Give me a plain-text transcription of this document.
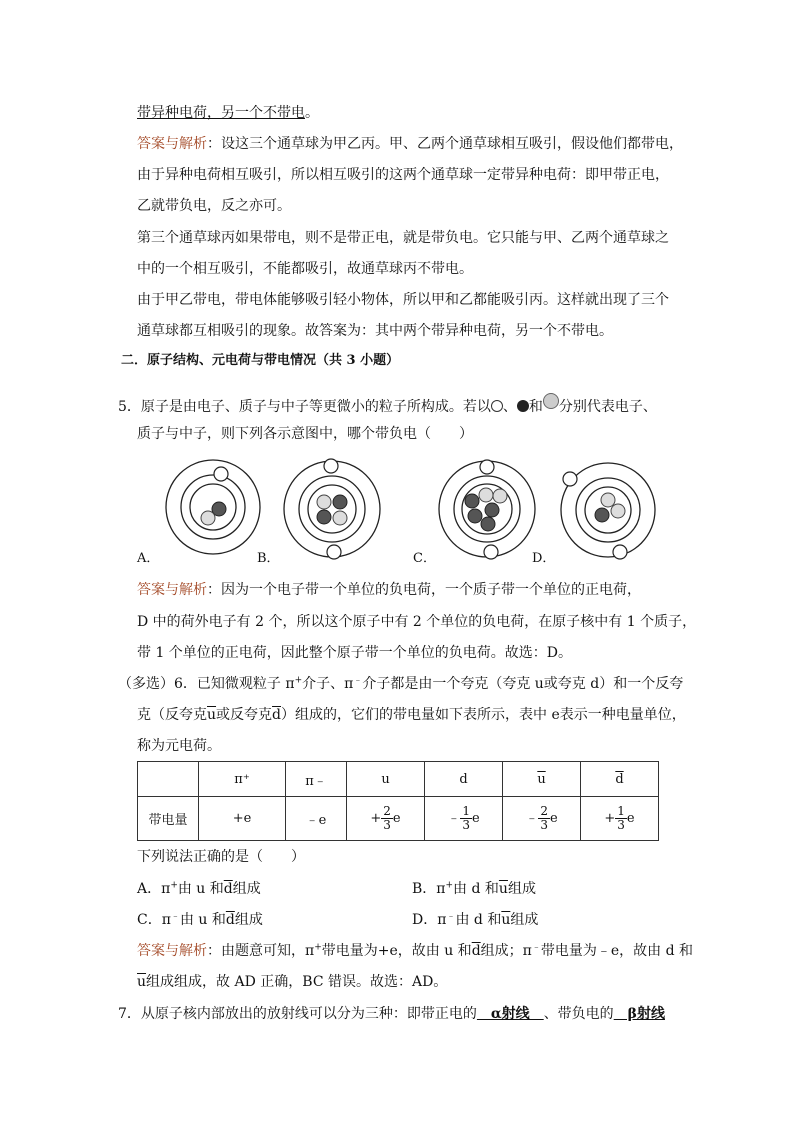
带异种电荷，另一个不带电。
答案与解析：设这三个通草球为甲乙丙。甲、乙两个通草球相互吸引，假设他们都带电，
由于异种电荷相互吸引，所以相互吸引的这两个通草球一定带异种电荷：即甲带正电，
乙就带负电，反之亦可。
第三个通草球丙如果带电，则不是带正电，就是带负电。它只能与甲、乙两个通草球之
中的一个相互吸引，不能都吸引，故通草球丙不带电。
由于甲乙带电，带电体能够吸引轻小物体，所以甲和乙都能吸引丙。这样就出现了三个
通草球都互相吸引的现象。故答案为：其中两个带异种电荷，另一个不带电。
二．原子结构、元电荷与带电情况（共 3 小题）
5．原子是由电子、质子与中子等更微小的粒子所构成。若以 、 和 分别代表电子、
质子与中子，则下列各示意图中，哪个带负电（　　）
A．	B．	C．	D．
答案与解析：因为一个电子带一个单位的负电荷，一个质子带一个单位的正电荷，
D 中的荷外电子有 2 个，所以这个原子中有 2 个单位的负电荷，在原子核中有 1 个质子，
带 1 个单位的正电荷，因此整个原子带一个单位的负电荷。故选：D。
（多选）6．已知微观粒子 π+介子、π﹣介子都是由一个夸克（夸克 u或夸克 d）和一个反夸
克（反夸克$\overline{u}$或反夸克$\overline{d}$）组成的，它们的带电量如下表所示，表中 e表示一种电量单位，
称为元电荷。
	π⁺	π﹣	u	d	$\overline{u}$	$\overline{d}$
带电量	+e	﹣e	+ $\frac{2}{3}$ e	﹣ $\frac{1}{3}$ e	﹣ $\frac{2}{3}$ e	+ $\frac{1}{3}$ e
下列说法正确的是（　　）
A．π+由 u 和$\overline{d}$组成	B．π+由 d 和$\overline{u}$组成
C．π﹣由 u 和$\overline{d}$组成	D．π﹣由 d 和$\overline{u}$组成
答案与解析：由题意可知，π+带电量为+e，故由 u 和$\overline{d}$组成；π﹣带电量为﹣e，故由 d 和
$\overline{u}$组成组成，故 AD 正确，BC 错误。故选：AD。
7．从原子核内部放出的放射线可以分为三种：即带正电的　α射线　、带负电的　β射线
